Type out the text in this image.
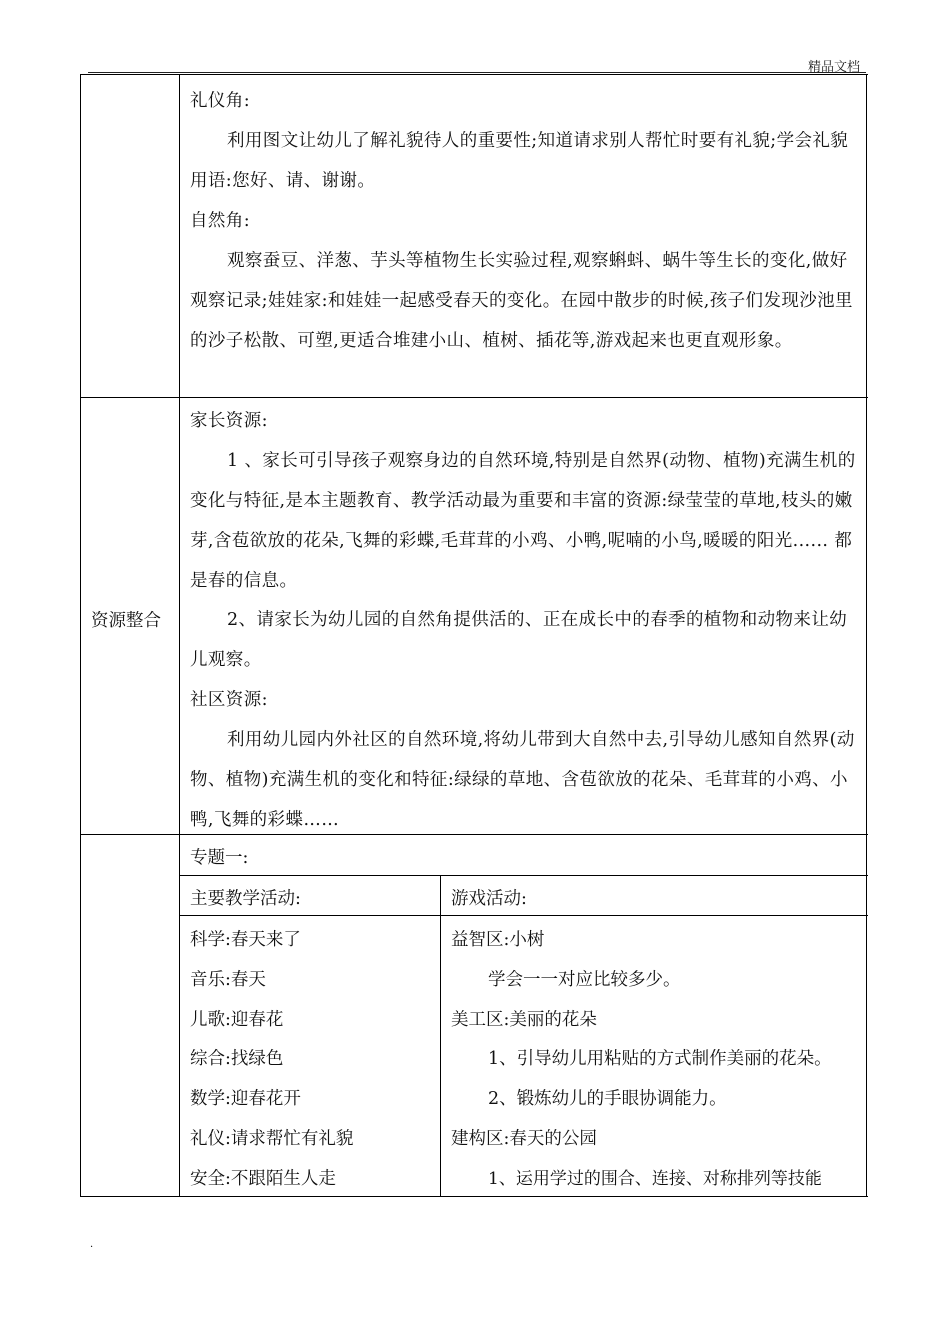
精品文档
礼仪角:
利用图文让幼儿了解礼貌待人的重要性;知道请求别人帮忙时要有礼貌;学会礼貌用语:您好、请、谢谢。
自然角:
观察蚕豆、洋葱、芋头等植物生长实验过程,观察蝌蚪、蜗牛等生长的变化,做好观察记录;娃娃家:和娃娃一起感受春天的变化。在园中散步的时候,孩子们发现沙池里的沙子松散、可塑,更适合堆建小山、植树、插花等,游戏起来也更直观形象。
资源整合
家长资源:
1 、家长可引导孩子观察身边的自然环境,特别是自然界(动物、植物)充满生机的变化与特征,是本主题教育、教学活动最为重要和丰富的资源:绿莹莹的草地,枝头的嫩芽,含苞欲放的花朵,飞舞的彩蝶,毛茸茸的小鸡、小鸭,呢喃的小鸟,暖暖的阳光...... 都是春的信息。
2、请家长为幼儿园的自然角提供活的、正在成长中的春季的植物和动物来让幼儿观察。
社区资源:
利用幼儿园内外社区的自然环境,将幼儿带到大自然中去,引导幼儿感知自然界(动物、植物)充满生机的变化和特征:绿绿的草地、含苞欲放的花朵、毛茸茸的小鸡、小鸭,飞舞的彩蝶……
专题一:
主要教学活动:	游戏活动:
科学:春天来了
音乐:春天
儿歌:迎春花
综合:找绿色
数学:迎春花开
礼仪:请求帮忙有礼貌
安全:不跟陌生人走
益智区:小树
学会一一对应比较多少。
美工区:美丽的花朵
1、引导幼儿用粘贴的方式制作美丽的花朵。
2、锻炼幼儿的手眼协调能力。
建构区:春天的公园
1、运用学过的围合、连接、对称排列等技能
·
